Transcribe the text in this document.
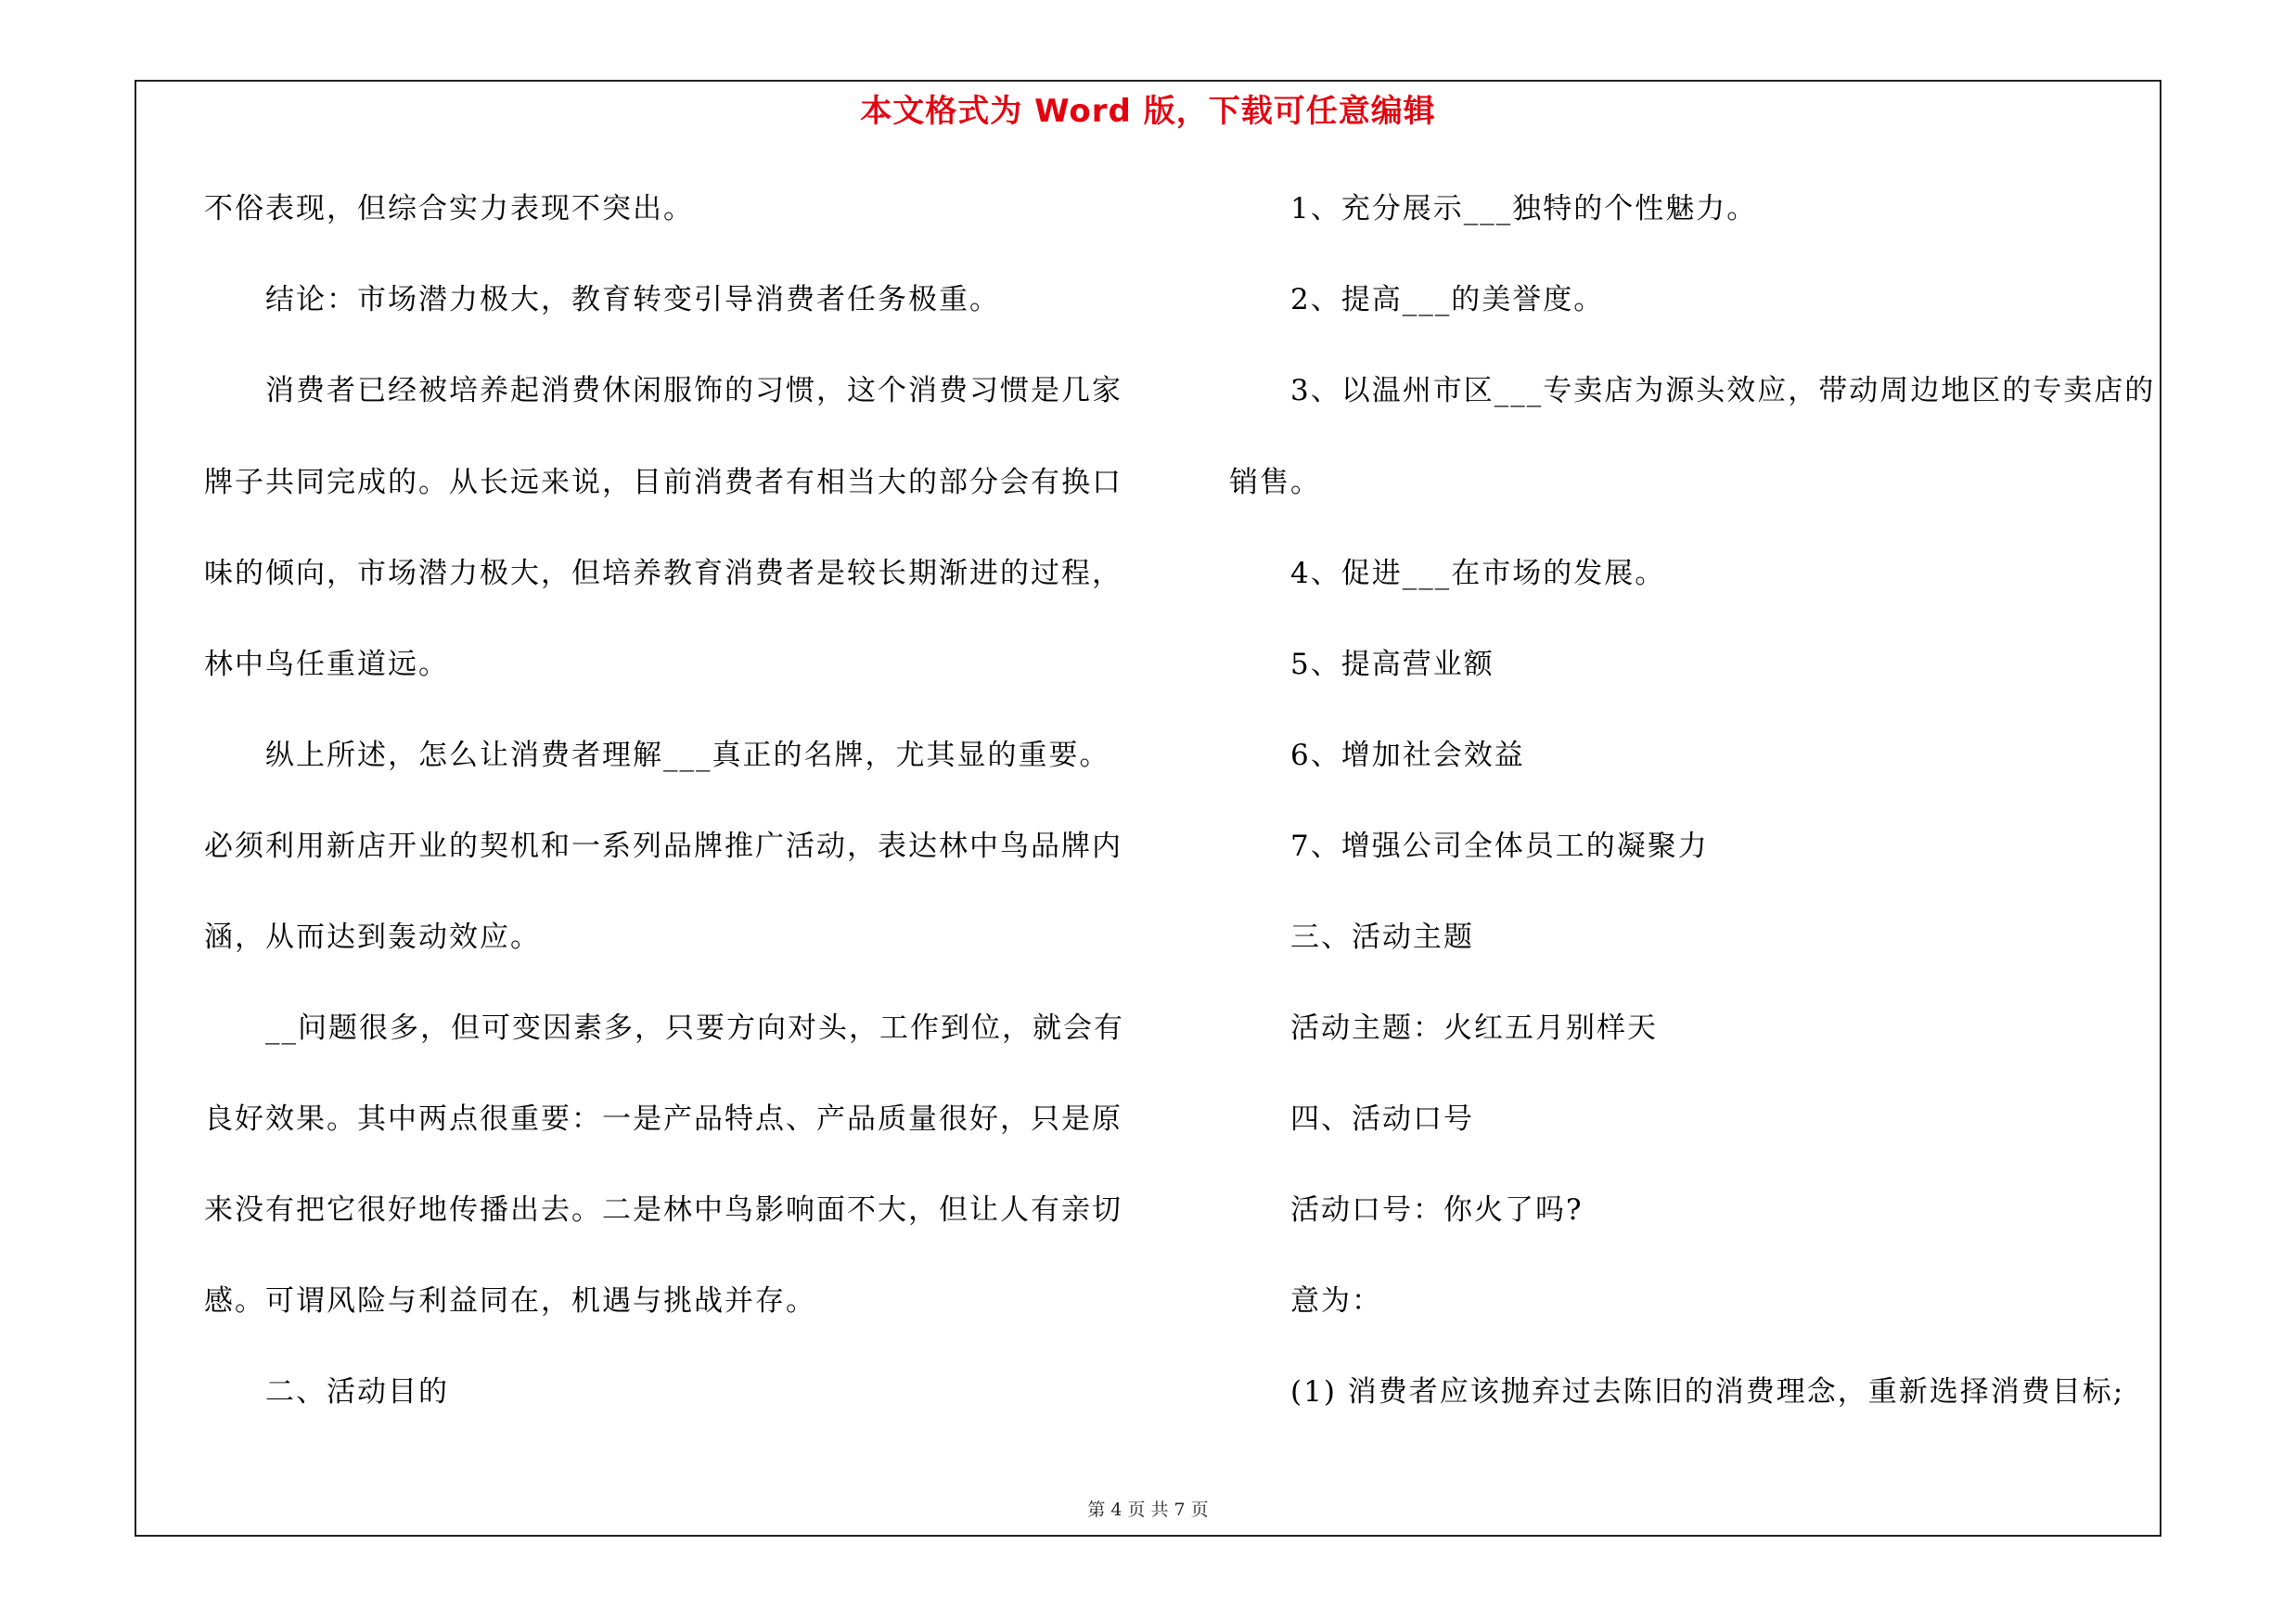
本文格式为 Word 版，下载可任意编辑
不俗表现，但综合实力表现不突出。
结论：市场潜力极大，教育转变引导消费者任务极重。
消费者已经被培养起消费休闲服饰的习惯，这个消费习惯是几家
牌子共同完成的。从长远来说，目前消费者有相当大的部分会有换口
味的倾向，市场潜力极大，但培养教育消费者是较长期渐进的过程，
林中鸟任重道远。
纵上所述，怎么让消费者理解___真正的名牌，尤其显的重要。
必须利用新店开业的契机和一系列品牌推广活动，表达林中鸟品牌内
涵，从而达到轰动效应。
__问题很多，但可变因素多，只要方向对头，工作到位，就会有
良好效果。其中两点很重要：一是产品特点、产品质量很好，只是原
来没有把它很好地传播出去。二是林中鸟影响面不大，但让人有亲切
感。可谓风险与利益同在，机遇与挑战并存。
二、活动目的
1、充分展示___独特的个性魅力。
2、提高___的美誉度。
3、以温州市区___专卖店为源头效应，带动周边地区的专卖店的
销售。
4、促进___在市场的发展。
5、提高营业额
6、增加社会效益
7、增强公司全体员工的凝聚力
三、活动主题
活动主题：火红五月别样天
四、活动口号
活动口号：你火了吗?
意为：
(1) 消费者应该抛弃过去陈旧的消费理念，重新选择消费目标;
第 4 页 共 7 页
